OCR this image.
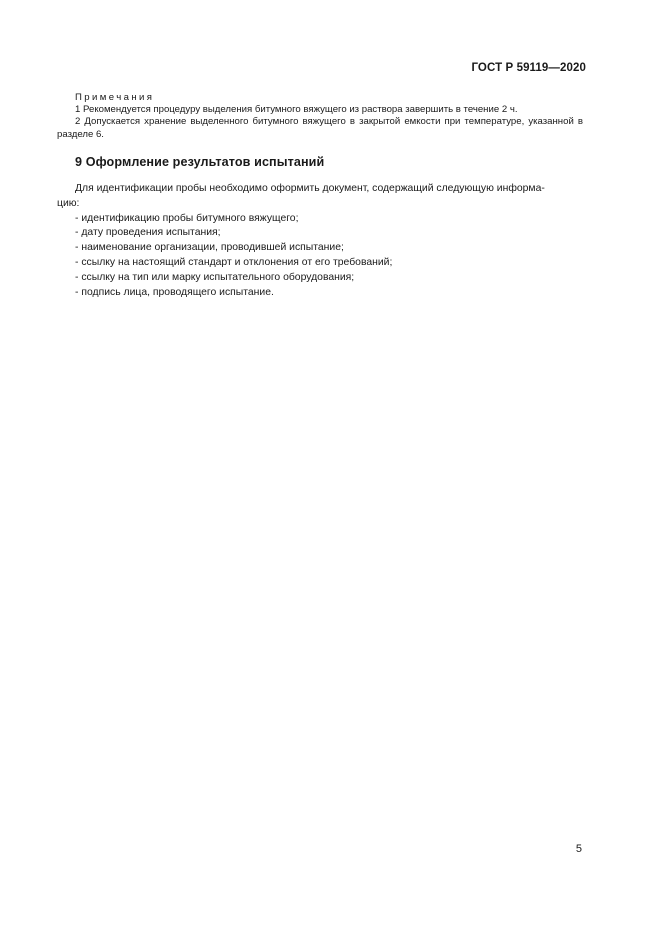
ГОСТ Р 59119—2020
Примечания
1 Рекомендуется процедуру выделения битумного вяжущего из раствора завершить в течение 2 ч.
2 Допускается хранение выделенного битумного вяжущего в закрытой емкости при температуре, указанной в разделе 6.
9 Оформление результатов испытаний
Для идентификации пробы необходимо оформить документ, содержащий следующую информа-
цию:
- идентификацию пробы битумного вяжущего;
- дату проведения испытания;
- наименование организации, проводившей испытание;
- ссылку на настоящий стандарт и отклонения от его требований;
- ссылку на тип или марку испытательного оборудования;
- подпись лица, проводящего испытание.
5
